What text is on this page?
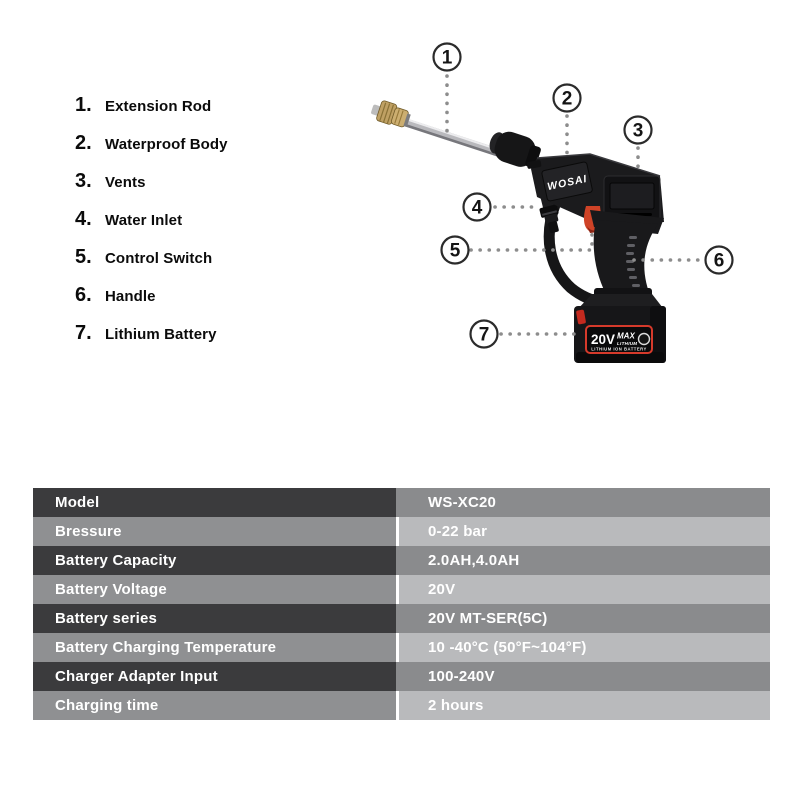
1. Extension Rod
2. Waterproof Body
3. Vents
4. Water Inlet
5. Control Switch
6. Handle
7. Lithium Battery
WOSAI
20V MAX
LITHIUM
LITHIUM ION BATTERY
1
2
3
4
5	6
7
Model	WS-XC20
Bressure	0-22 bar
Battery Capacity	2.0AH,4.0AH
Battery Voltage	20V
Battery series	20V MT-SER(5C)
Battery Charging Temperature	10 -40°C (50°F~104°F)
Charger Adapter Input	100-240V
Charging time	2 hours
